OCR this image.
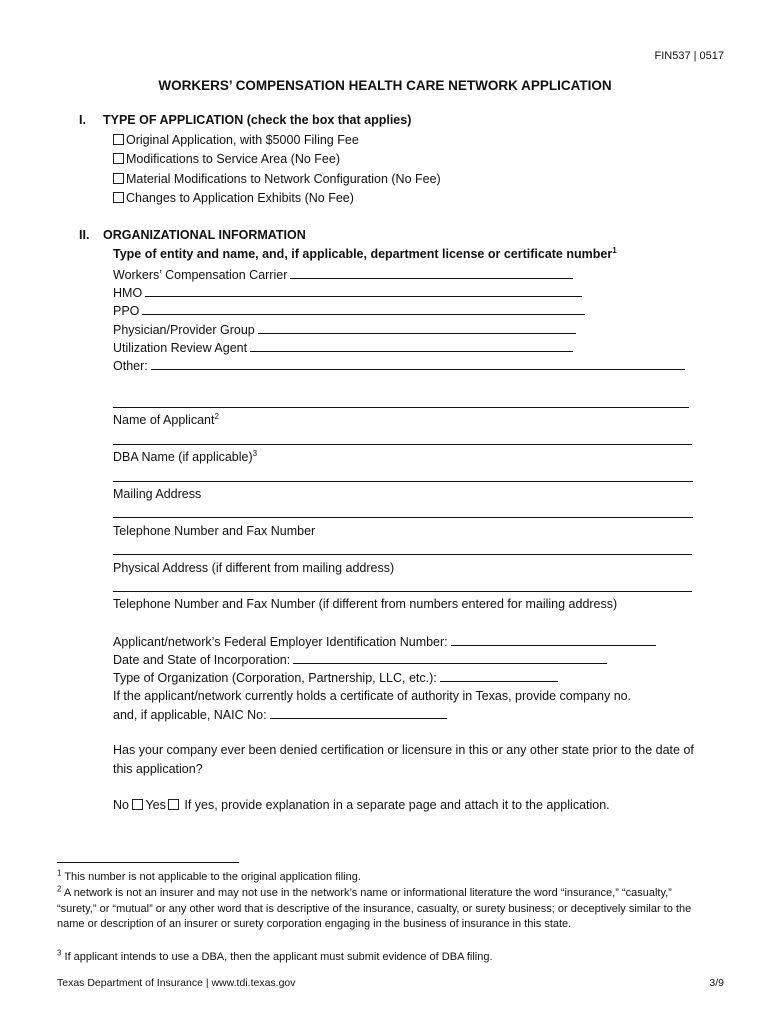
FIN537 | 0517
WORKERS’ COMPENSATION HEALTH CARE NETWORK APPLICATION
I. TYPE OF APPLICATION (check the box that applies)
Original Application, with $5000 Filing Fee
Modifications to Service Area (No Fee)
Material Modifications to Network Configuration (No Fee)
Changes to Application Exhibits (No Fee)
II. ORGANIZATIONAL INFORMATION
Type of entity and name, and, if applicable, department license or certificate number$^1$
Workers’ Compensation Carrier
HMO
PPO
Physician/Provider Group
Utilization Review Agent
Other:
Name of Applicant$^2$
DBA Name (if applicable)$^3$
Mailing Address
Telephone Number and Fax Number
Physical Address (if different from mailing address)
Telephone Number and Fax Number (if different from numbers entered for mailing address)
Applicant/network’s Federal Employer Identification Number:
Date and State of Incorporation:
Type of Organization (Corporation, Partnership, LLC, etc.):
If the applicant/network currently holds a certificate of authority in Texas, provide company no.
and, if applicable, NAIC No:
Has your company ever been denied certification or licensure in this or any other state prior to the date of
this application?
No Yes If yes, provide explanation in a separate page and attach it to the application.
$^1$ This number is not applicable to the original application filing.
$^2$ A network is not an insurer and may not use in the network’s name or informational literature the word “insurance,” “casualty,” “surety,” or “mutual” or any other word that is descriptive of the insurance, casualty, or surety business; or deceptively similar to the name or description of an insurer or surety corporation engaging in the business of insurance in this state.
$^3$ If applicant intends to use a DBA, then the applicant must submit evidence of DBA filing.
Texas Department of Insurance | www.tdi.texas.gov	3/9
